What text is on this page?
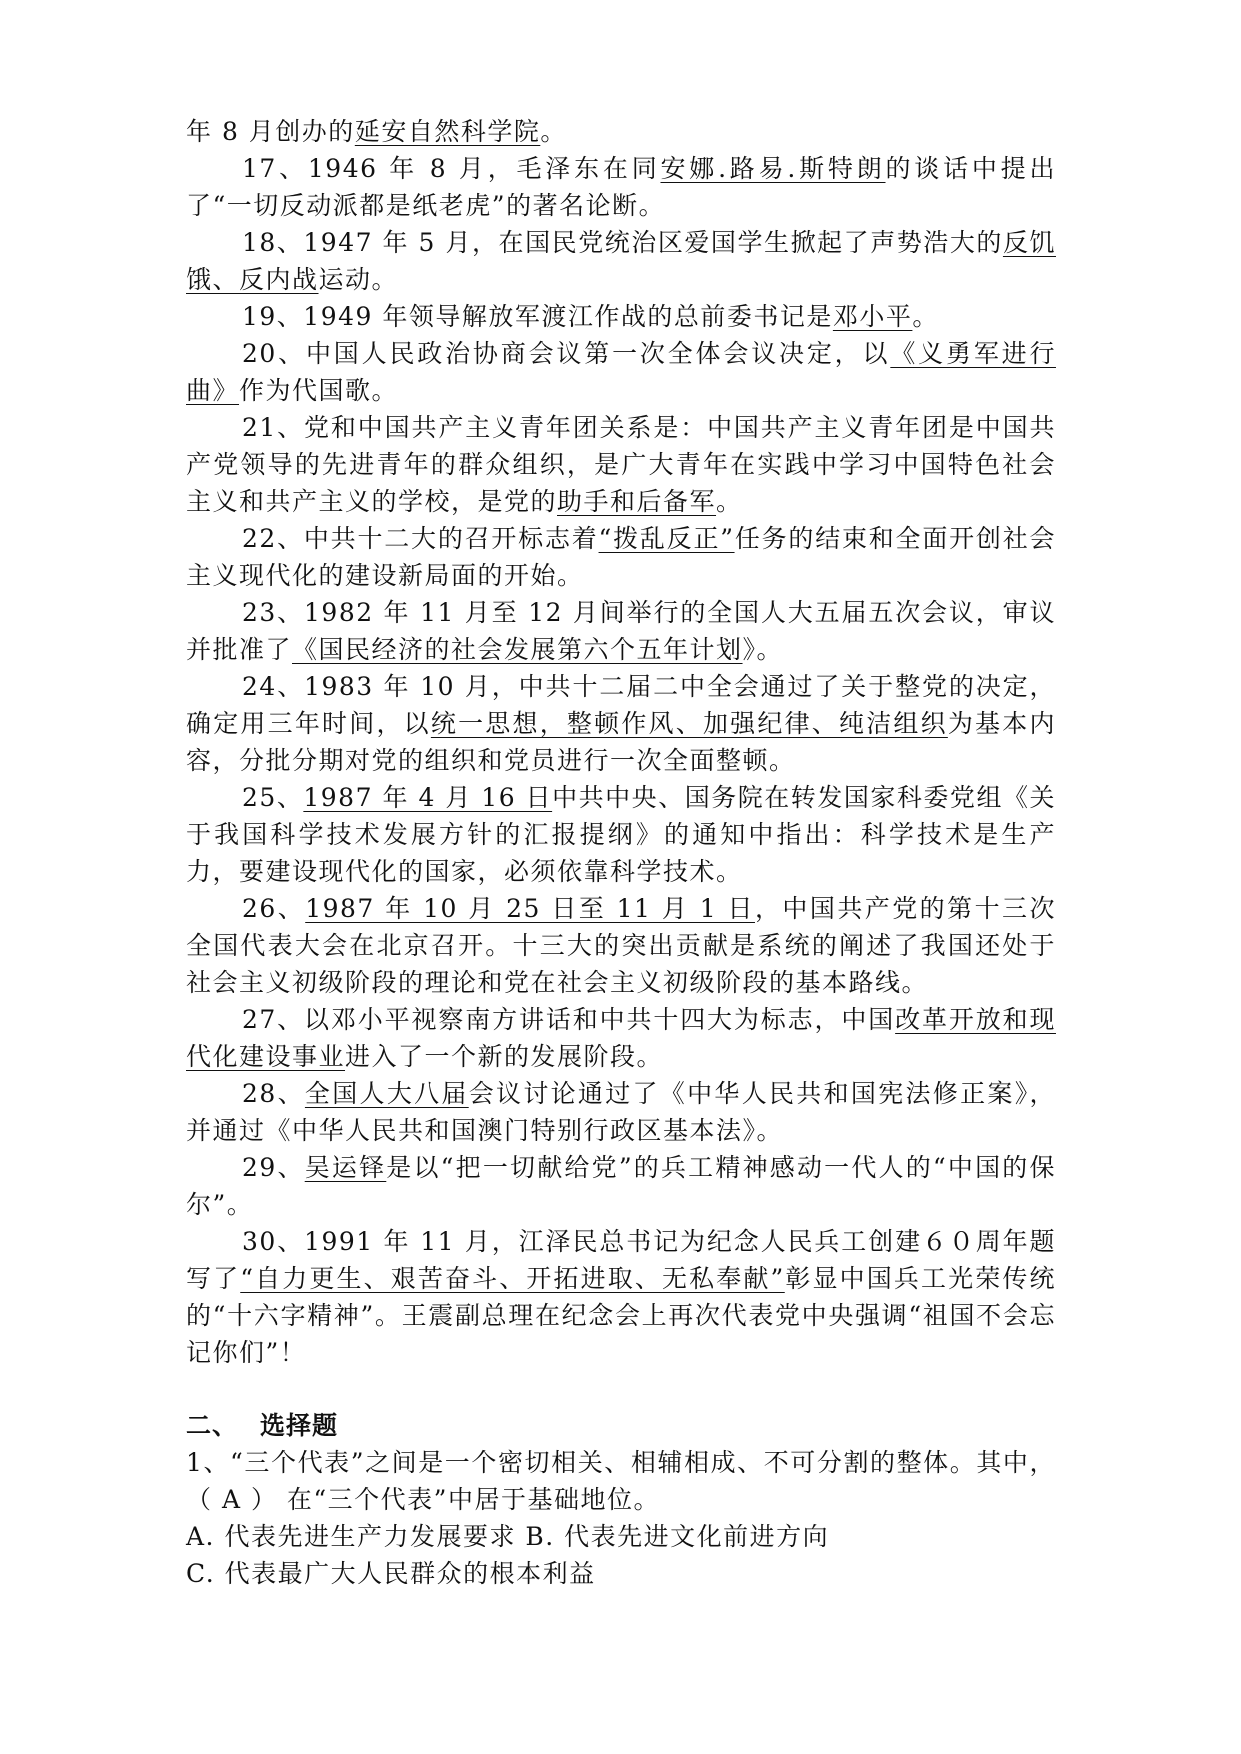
年 8 月创办的延安自然科学院。

17、1946 年 8 月，毛泽东在同安娜.路易.斯特朗的谈话中提出了“一切反动派都是纸老虎”的著名论断。

18、1947 年 5 月，在国民党统治区爱国学生掀起了声势浩大的反饥饿、反内战运动。

19、1949 年领导解放军渡江作战的总前委书记是邓小平。

20、中国人民政治协商会议第一次全体会议决定，以《义勇军进行曲》作为代国歌。

21、党和中国共产主义青年团关系是：中国共产主义青年团是中国共产党领导的先进青年的群众组织，是广大青年在实践中学习中国特色社会主义和共产主义的学校，是党的助手和后备军。

22、中共十二大的召开标志着“拨乱反正”任务的结束和全面开创社会主义现代化的建设新局面的开始。

23、1982 年 11 月至 12 月间举行的全国人大五届五次会议，审议并批准了《国民经济的社会发展第六个五年计划》。

24、1983 年 10 月，中共十二届二中全会通过了关于整党的决定，确定用三年时间，以统一思想，整顿作风、加强纪律、纯洁组织为基本内容，分批分期对党的组织和党员进行一次全面整顿。

25、1987 年 4 月 16 日中共中央、国务院在转发国家科委党组《关于我国科学技术发展方针的汇报提纲》的通知中指出：科学技术是生产力，要建设现代化的国家，必须依靠科学技术。

26、1987 年 10 月 25 日至 11 月 1 日，中国共产党的第十三次全国代表大会在北京召开。十三大的突出贡献是系统的阐述了我国还处于社会主义初级阶段的理论和党在社会主义初级阶段的基本路线。

27、以邓小平视察南方讲话和中共十四大为标志，中国改革开放和现代化建设事业进入了一个新的发展阶段。

28、全国人大八届会议讨论通过了《中华人民共和国宪法修正案》，并通过《中华人民共和国澳门特别行政区基本法》。

29、吴运铎是以“把一切献给党”的兵工精神感动一代人的“中国的保尔”。

30、1991 年 11 月，江泽民总书记为纪念人民兵工创建６０周年题写了“自力更生、艰苦奋斗、开拓进取、无私奉献”彰显中国兵工光荣传统的“十六字精神”。王震副总理在纪念会上再次代表党中央强调“祖国不会忘记你们”！

二、 选择题

1、“三个代表”之间是一个密切相关、相辅相成、不可分割的整体。其中，（ A ） 在“三个代表”中居于基础地位。

A. 代表先进生产力发展要求 B. 代表先进文化前进方向

C. 代表最广大人民群众的根本利益
